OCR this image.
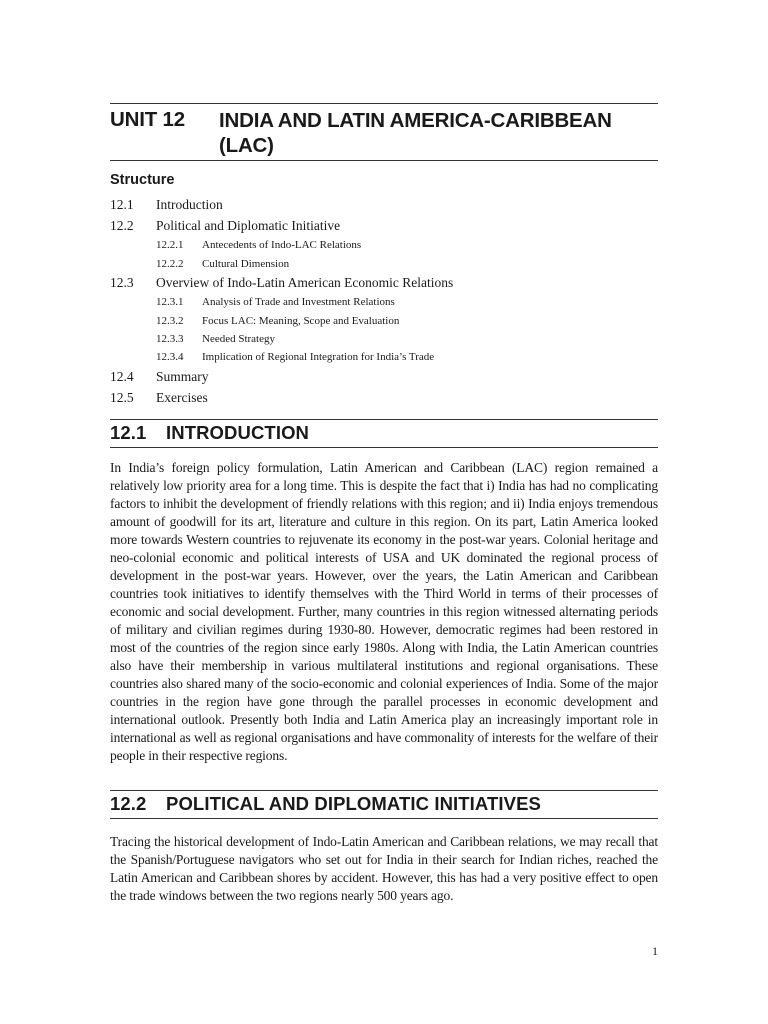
UNIT 12 INDIA AND LATIN AMERICA-CARIBBEAN (LAC)
Structure
12.1 Introduction
12.2 Political and Diplomatic Initiative
12.2.1 Antecedents of Indo-LAC Relations
12.2.2 Cultural Dimension
12.3 Overview of Indo-Latin American Economic Relations
12.3.1 Analysis of Trade and Investment Relations
12.3.2 Focus LAC: Meaning, Scope and Evaluation
12.3.3 Needed Strategy
12.3.4 Implication of Regional Integration for India’s Trade
12.4 Summary
12.5 Exercises
12.1 INTRODUCTION
In India’s foreign policy formulation, Latin American and Caribbean (LAC) region remained a relatively low priority area for a long time. This is despite the fact that i) India has had no complicating factors to inhibit the development of friendly relations with this region; and ii) India enjoys tremendous amount of goodwill for its art, literature and culture in this region. On its part, Latin America looked more towards Western countries to rejuvenate its economy in the post-war years. Colonial heritage and neo-colonial economic and political interests of USA and UK dominated the regional process of development in the post-war years. However, over the years, the Latin American and Caribbean countries took initiatives to identify themselves with the Third World in terms of their processes of economic and social development. Further, many countries in this region witnessed alternating periods of military and civilian regimes during 1930-80. However, democratic regimes had been restored in most of the countries of the region since early 1980s. Along with India, the Latin American countries also have their membership in various multilateral institutions and regional organisations. These countries also shared many of the socio-economic and colonial experiences of India. Some of the major countries in the region have gone through the parallel processes in economic development and international outlook. Presently both India and Latin America play an increasingly important role in international as well as regional organisations and have commonality of interests for the welfare of their people in their respective regions.
12.2 POLITICAL AND DIPLOMATIC INITIATIVES
Tracing the historical development of Indo-Latin American and Caribbean relations, we may recall that the Spanish/Portuguese navigators who set out for India in their search for Indian riches, reached the Latin American and Caribbean shores by accident. However, this has had a very positive effect to open the trade windows between the two regions nearly 500 years ago.
1
